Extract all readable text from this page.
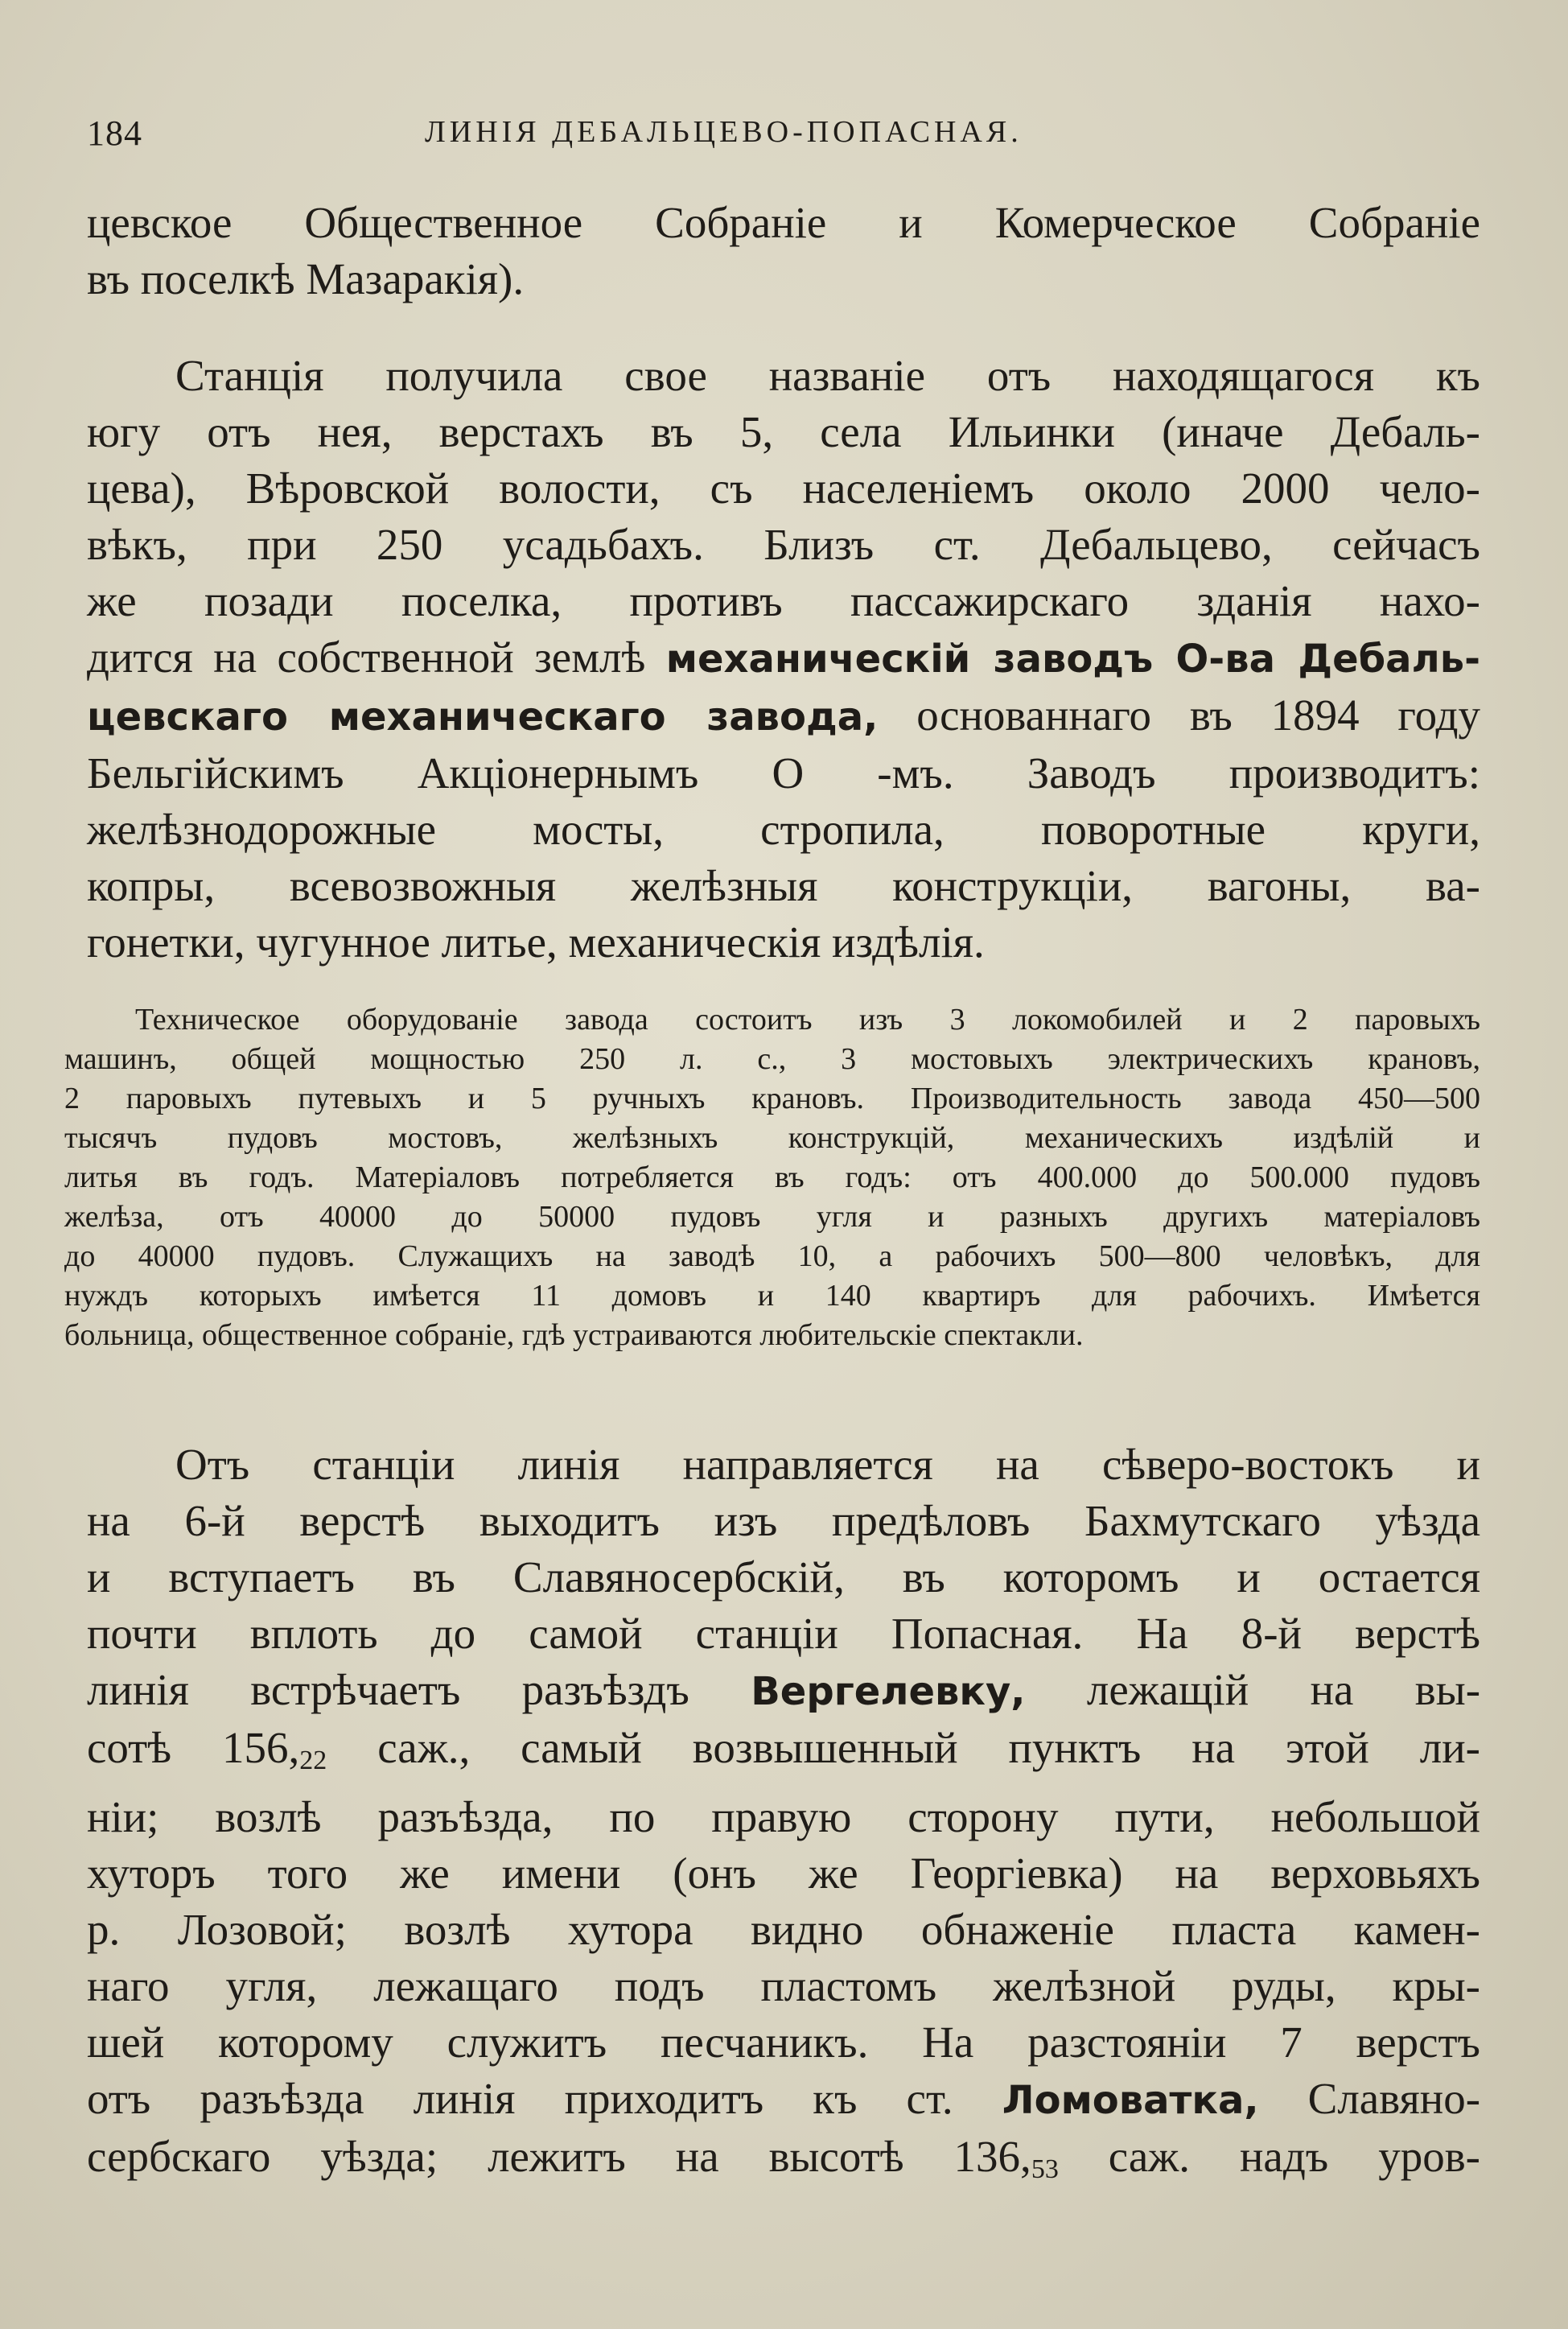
184	ЛИНІЯ ДЕБАЛЬЦЕВО-ПОПАСНАЯ.
цевское Общественное Собраніе и Комерческое Собраніе
въ поселкѣ Мазаракія).
Станція получила свое названіе отъ находящагося къ
югу отъ нея, верстахъ въ 5, села Ильинки (иначе Дебаль-
цева), Вѣровской волости, съ населеніемъ около 2000 чело-
вѣкъ, при 250 усадьбахъ. Близъ ст. Дебальцево, сейчасъ
же позади поселка, противъ пассажирскаго зданія нахо-
дится на собственной землѣ механическій заводъ О-ва Дебаль-
цевскаго механическаго завода, основаннаго въ 1894 году
Бельгійскимъ Акціонернымъ О -мъ. Заводъ производитъ:
желѣзнодорожные мосты, стропила, поворотные круги,
копры, всевозвожныя желѣзныя конструкціи, вагоны, ва-
гонетки, чугунное литье, механическія издѣлія.
Техническое оборудованіе завода состоитъ изъ 3 локомобилей и 2 паровыхъ
машинъ, общей мощностью 250 л. с., 3 мостовыхъ электрическихъ крановъ,
2 паровыхъ путевыхъ и 5 ручныхъ крановъ. Производительность завода 450—500
тысячъ пудовъ мостовъ, желѣзныхъ конструкцій, механическихъ издѣлій и
литья въ годъ. Матеріаловъ потребляется въ годъ: отъ 400.000 до 500.000 пудовъ
желѣза, отъ 40000 до 50000 пудовъ угля и разныхъ другихъ матеріаловъ
до 40000 пудовъ. Служащихъ на заводѣ 10, а рабочихъ 500—800 человѣкъ, для
нуждъ которыхъ имѣется 11 домовъ и 140 квартиръ для рабочихъ. Имѣется
больница, общественное собраніе, гдѣ устраиваются любительскіе спектакли.
Отъ станціи линія направляется на сѣверо-востокъ и
на 6-й верстѣ выходитъ изъ предѣловъ Бахмутскаго уѣзда
и вступаетъ въ Славяносербскій, въ которомъ и остается
почти вплоть до самой станціи Попасная. На 8-й верстѣ
линія встрѣчаетъ разъѣздъ Вергелевку, лежащій на вы-
сотѣ $156,_{22}$ саж., самый возвышенный пунктъ на этой ли-
ніи; возлѣ разъѣзда, по правую сторону пути, небольшой
хуторъ того же имени (онъ же Георгіевка) на верховьяхъ
р. Лозовой; возлѣ хутора видно обнаженіе пласта камен-
наго угля, лежащаго подъ пластомъ желѣзной руды, кры-
шей которому служитъ песчаникъ. На разстояніи 7 верстъ
отъ разъѣзда линія приходитъ къ ст. Ломоватка, Славяно-
сербскаго уѣзда; лежитъ на высотѣ $136,_{53}$ саж. надъ уров-
